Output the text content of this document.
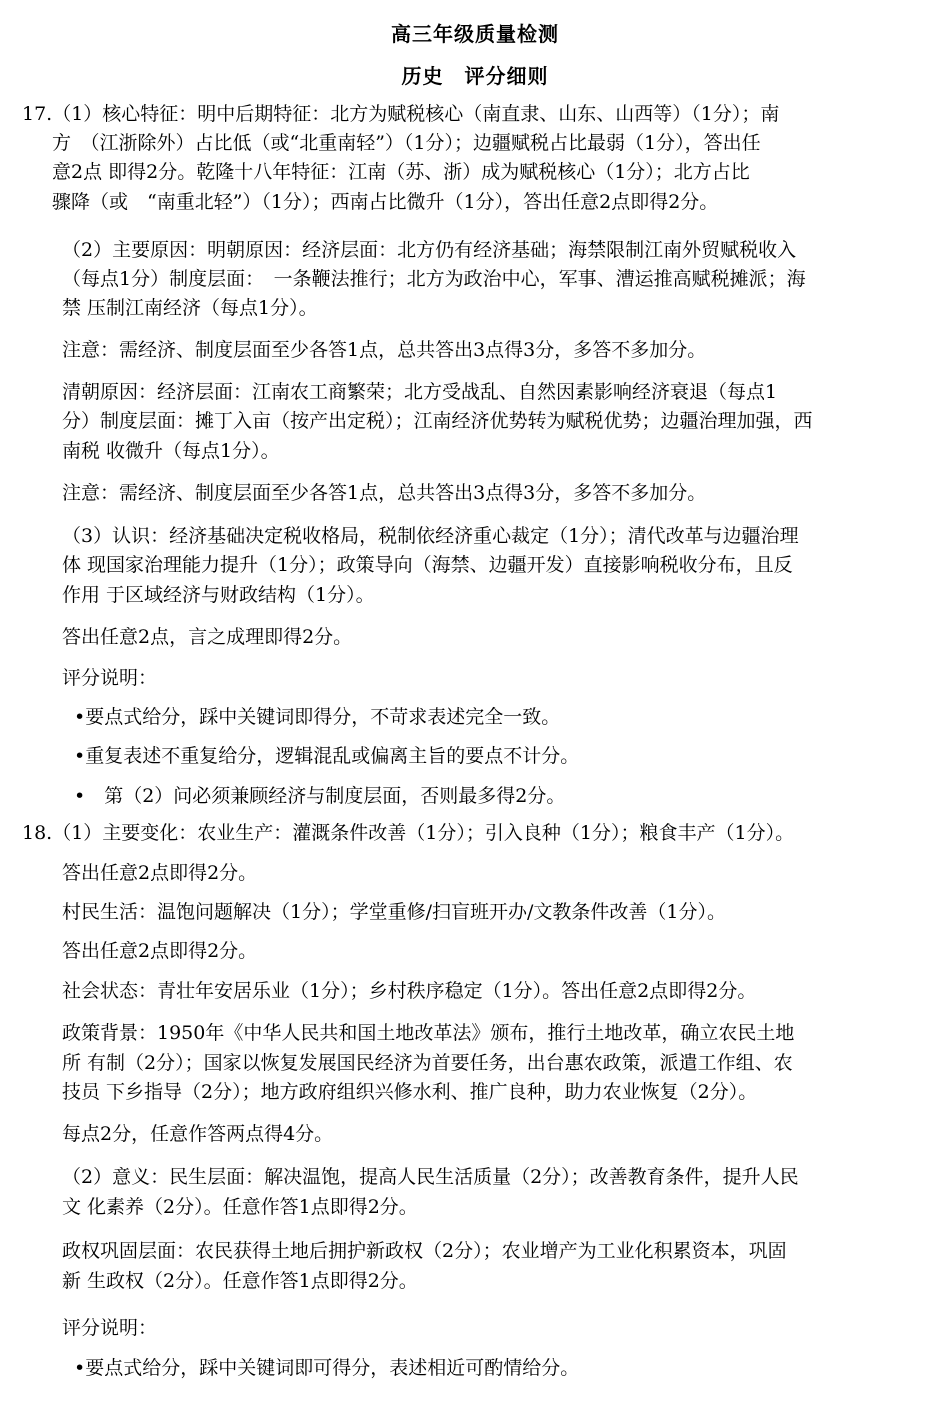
高三年级质量检测
历史　评分细则
17.（1）核心特征：明中后期特征：北方为赋税核心（南直隶、山东、山西等）（1分）；南
方　（江浙除外）占比低（或“北重南轻”）（1分）；边疆赋税占比最弱（1分），答出任
意2点 即得2分。乾隆十八年特征：江南（苏、浙）成为赋税核心（1分）；北方占比
骤降（或　“南重北轻”）（1分）；西南占比微升（1分），答出任意2点即得2分。
（2）主要原因：明朝原因：经济层面：北方仍有经济基础；海禁限制江南外贸赋税收入
（每点1分）制度层面：　一条鞭法推行；北方为政治中心，军事、漕运推高赋税摊派；海
禁 压制江南经济（每点1分）。
注意：需经济、制度层面至少各答1点，总共答出3点得3分，多答不多加分。
清朝原因：经济层面：江南农工商繁荣；北方受战乱、自然因素影响经济衰退（每点1
分）制度层面：摊丁入亩（按产出定税）；江南经济优势转为赋税优势；边疆治理加强，西
南税 收微升（每点1分）。
注意：需经济、制度层面至少各答1点，总共答出3点得3分，多答不多加分。
（3）认识：经济基础决定税收格局，税制依经济重心裁定（1分）；清代改革与边疆治理
体 现国家治理能力提升（1分）；政策导向（海禁、边疆开发）直接影响税收分布，且反
作用 于区域经济与财政结构（1分）。
答出任意2点，言之成理即得2分。
评分说明：
•要点式给分，踩中关键词即得分，不苛求表述完全一致。
•重复表述不重复给分，逻辑混乱或偏离主旨的要点不计分。
•　第（2）问必须兼顾经济与制度层面，否则最多得2分。
18.（1）主要变化：农业生产：灌溉条件改善（1分）；引入良种（1分）；粮食丰产（1分）。
答出任意2点即得2分。
村民生活：温饱问题解决（1分）；学堂重修/扫盲班开办/文教条件改善（1分）。
答出任意2点即得2分。
社会状态：青壮年安居乐业（1分）；乡村秩序稳定（1分）。答出任意2点即得2分。
政策背景：1950年《中华人民共和国土地改革法》颁布，推行土地改革，确立农民土地
所 有制（2分）；国家以恢复发展国民经济为首要任务，出台惠农政策，派遣工作组、农
技员 下乡指导（2分）；地方政府组织兴修水利、推广良种，助力农业恢复（2分）。
每点2分，任意作答两点得4分。
（2）意义：民生层面：解决温饱，提高人民生活质量（2分）；改善教育条件，提升人民
文 化素养（2分）。任意作答1点即得2分。
政权巩固层面：农民获得土地后拥护新政权（2分）；农业增产为工业化积累资本，巩固
新 生政权（2分）。任意作答1点即得2分。
评分说明：
•要点式给分，踩中关键词即可得分，表述相近可酌情给分。
